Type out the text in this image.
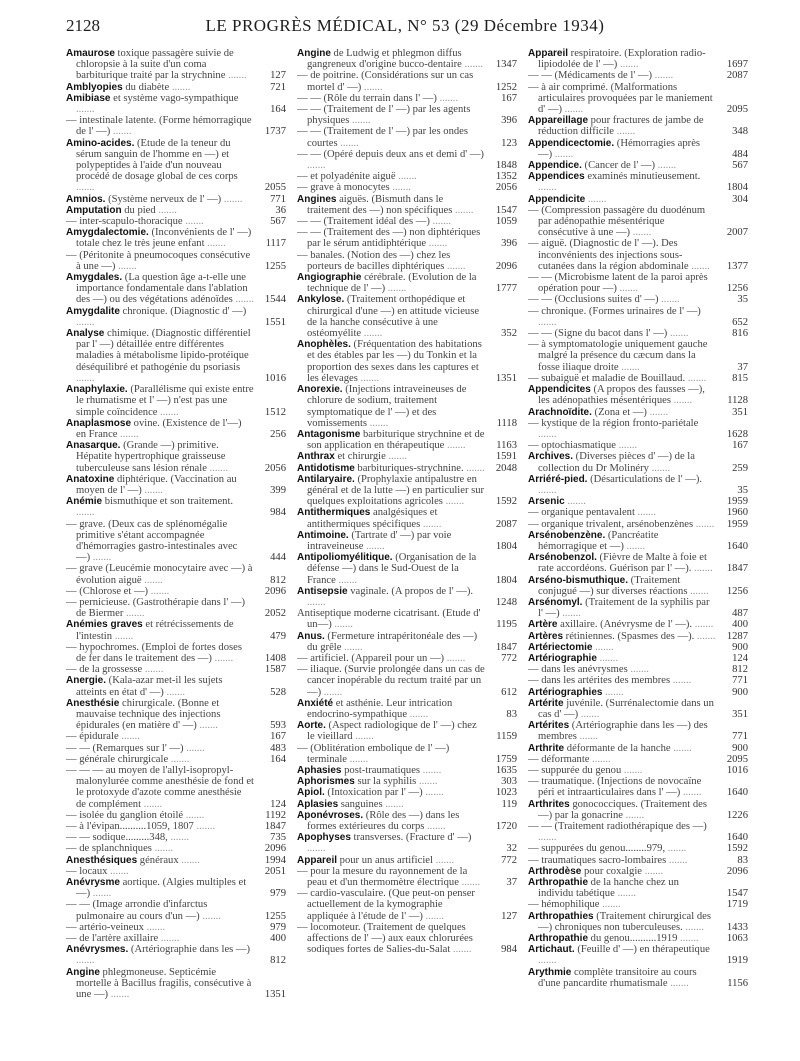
2128	LE PROGRÈS MÉDICAL, N° 53 (29 Décembre 1934)

Amaurose toxique passagère suivie de chloropsie à la suite d'un coma barbiturique traité par la strychnine .......	127

Amblyopies du diabète .......	721

Amibiase et système vago-sympathique .......	164

— intestinale latente. (Forme hémorragique de l' —) .......	1737

Amino-acides. (Etude de la teneur du sérum sanguin de l'homme en —) et polypeptides à l'aide d'un nouveau procédé de dosage global de ces corps .......	2055

Amnios. (Système nerveux de l' —) .......	771

Amputation du pied .......	36

— inter-scapulo-thoracique .......	567

Amygdalectomie. (Inconvénients de l' —) totale chez le très jeune enfant .......	1117

— (Péritonite à pneumocoques consécutive à une —) .......	1255

Amygdales. (La question âge a-t-elle une importance fondamentale dans l'ablation des —) ou des végétations adénoïdes .......	1544

Amygdalite chronique. (Diagnostic d' —) .......	1551

Analyse chimique. (Diagnostic différentiel par l' —) détaillée entre différentes maladies à métabolisme lipido-protéique déséquilibré et pathogénie du psoriasis .......	1016

Anaphylaxie. (Parallélisme qui existe entre le rhumatisme et l' —) n'est pas une simple coïncidence .......	1512

Anaplasmose ovine. (Existence de l'—) en France .......	256

Anasarque. (Grande —) primitive. Hépatite hypertrophique graisseuse tuberculeuse sans lésion rénale .......	2056

Anatoxine diphtérique. (Vaccination au moyen de l' —) .......	399

Anémie bismuthique et son traitement. .......	984

— grave. (Deux cas de splénomégalie primitive s'étant accompagnée d'hémorragies gastro-intestinales avec —) .......	444

— grave (Leucémie monocytaire avec —) à évolution aiguë .......	812

— (Chlorose et —) .......	2096

— pernicieuse. (Gastrothérapie dans l' —) de Biermer .......	2052

Anémies graves et rétrécissements de l'intestin .......	479

— hypochromes. (Emploi de fortes doses de fer dans le traitement des —) .......	1408

— de la grossesse .......	1587

Anergie. (Kala-azar met-il les sujets atteints en état d' —) .......	528

Anesthésie chirurgicale. (Bonne et mauvaise technique des injections épidurales (en matière d' —) .......	593

— épidurale .......	167

— — (Remarques sur l' —) .......	483

— générale chirurgicale .......	164

— — — au moyen de l'allyl-isopropyl-malonylurée comme anesthésie de fond et le protoxyde d'azote comme anesthésie de complément .......	124

— isolée du ganglion étoilé .......	1192

— à l'évipan..........1059, 1807 .......	1847

— — sodique.........348, .......	735

— de splanchniques .......	2096

Anesthésiques généraux .......	1994

— locaux .......	2051

Anévrysme aortique. (Algies multiples et —) .......	979

— — (Image arrondie d'infarctus pulmonaire au cours d'un —) .......	1255

— artério-veineux .......	979

— de l'artère axillaire .......	400

Anévrysmes. (Artériographie dans les —) .......	812

Angine phlegmoneuse. Septicémie mortelle à Bacillus fragilis, consécutive à une —) .......	1351

Angine de Ludwig et phlegmon diffus gangreneux d'origine bucco-dentaire .......	1347

— de poitrine. (Considérations sur un cas mortel d' —) .......	1252

— — (Rôle du terrain dans l' —) .......	167

— — (Traitement de l' —) par les agents physiques .......	396

— — (Traitement de l' —) par les ondes courtes .......	123

— — (Opéré depuis deux ans et demi d' —) .......	1848

— et polyadénite aiguë .......	1352

— grave à monocytes .......	2056

Angines aiguës. (Bismuth dans le traitement des —) non spécifiques .......	1547

— — (Traitement idéal des —) .......	1059

— — (Traitement des —) non diphtériques par le sérum antidiphtérique .......	396

— banales. (Notion des —) chez les porteurs de bacilles diphtériques .......	2096

Angiographie cérébrale. (Evolution de la technique de l' —) .......	1777

Ankylose. (Traitement orthopédique et chirurgical d'une —) en attitude vicieuse de la hanche consécutive à une ostéomyélite .......	352

Anophèles. (Fréquentation des habitations et des étables par les —) du Tonkin et la proportion des sexes dans les captures et les élevages .......	1351

Anorexie. (Injections intraveineuses de chlorure de sodium, traitement symptomatique de l' —) et des vomissements .......	1118

Antagonisme barbiturique strychnine et de son application en thérapeutique .......	1163

Anthrax et chirurgie .......	1591

Antidotisme barbituriques-strychnine. .......	2048

Antilaryaire. (Prophylaxie antipalustre en général et de la lutte —) en particulier sur quelques exploitations agricoles .......	1592

Antithermiques analgésiques et antithermiques spécifiques .......	2087

Antimoine. (Tartrate d' —) par voie intraveineuse .......	1804

Antipoliomyélitique. (Organisation de la défense —) dans le Sud-Ouest de la France .......	1804

Antisepsie vaginale. (A propos de l' —). .......	1248

Antiseptique moderne cicatrisant. (Etude d' un—) .......	1195

Anus. (Fermeture intrapéritonéale des —) du grêle .......	1847

— artificiel. (Appareil pour un —) .......	772

— iliaque. (Survie prolongée dans un cas de cancer inopérable du rectum traité par un —) .......	612

Anxiété et asthénie. Leur intrication endocrino-sympathique .......	83

Aorte. (Aspect radiologique de l' —) chez le vieillard .......	1159

— (Oblitération embolique de l' —) terminale .......	1759

Aphasies post-traumatiques .......	1635

Aphorismes sur la syphilis .......	303

Apiol. (Intoxication par l' —) .......	1023

Aplasies sanguines .......	119

Aponévroses. (Rôle des —) dans les formes extérieures du corps .......	1720

Apophyses transverses. (Fracture d' —) .......	32

Appareil pour un anus artificiel .......	772

— pour la mesure du rayonnement de la peau et d'un thermomètre électrique .......	37

— cardio-vasculaire. (Que peut-on penser actuellement de la kymographie appliquée à l'étude de l' —) .......	127

— locomoteur. (Traitement de quelques affections de l' —) aux eaux chlorurées sodiques fortes de Salies-du-Salat .......	984

Appareil respiratoire. (Exploration radio-lipiodolée de l' —) .......	1697

— — (Médicaments de l' —) .......	2087

— à air comprimé. (Malformations articulaires provoquées par le maniement d' —) .......	2095

Appareillage pour fractures de jambe de réduction difficile .......	348

Appendicectomie. (Hémorragies après —) .......	484

Appendice. (Cancer de l' —) .......	567

Appendices examinés minutieusement. .......	1804

Appendicite .......	304

— (Compression passagère du duodénum par adénopathie mésentérique consécutive à une —) .......	2007

— aiguë. (Diagnostic de l' —). Des inconvénients des injections sous-cutanées dans la région abdominale .......	1377

— — (Microbisme latent de la paroi après opération pour —) .......	1256

— — (Occlusions suites d' —) .......	35

— chronique. (Formes urinaires de l' —) .......	652

— — (Signe du bacot dans l' —) .......	816

— à symptomatologie uniquement gauche malgré la présence du cæcum dans la fosse iliaque droite .......	37

— subaiguë et maladie de Bouillaud. .......	815

Appendicites (A propos des fausses —), les adénopathies mésentériques .......	1128

Arachnoïdite. (Zona et —) .......	351

— kystique de la région fronto-pariétale .......	1628

— optochiasmatique .......	167

Archives. (Diverses pièces d' —) de la collection du Dr Molinéry .......	259

Arriéré-pied. (Désarticulations de l' —). .......	35

Arsenic .......	1959

— organique pentavalent .......	1960

— organique trivalent, arsénobenzènes .......	1959

Arsénobenzène. (Pancréatite hémorragique et —) .......	1640

Arsénobenzol. (Fièvre de Malte à foie et rate accordéons. Guérison par l' —). .......	1847

Arséno-bismuthique. (Traitement conjugué —) sur diverses réactions .......	1256

Arsénomyl. (Traitement de la syphilis par l' —) .......	487

Artère axillaire. (Anévrysme de l' —). .......	400

Artères rétiniennes. (Spasmes des —). .......	1287

Artériectomie .......	900

Artériographie .......	124

— dans les anévrysmes .......	812

— dans les artérites des membres .......	771

Artériographies .......	900

Artérite juvénile. (Surrénalectomie dans un cas d' —) .......	351

Artérites (Artériographie dans les —) des membres .......	771

Arthrite déformante de la hanche .......	900

— déformante .......	2095

— suppurée du genou .......	1016

— traumatique. (Injections de novocaïne péri et intraarticulaires dans l' —) .......	1640

Arthrites gonococciques. (Traitement des —) par la gonacrine .......	1226

— — (Traitement radiothérapique des —) .......	1640

— suppurées du genou........979, .......	1592

— traumatiques sacro-lombaires .......	83

Arthrodèse pour coxalgie .......	2096

Arthropathie de la hanche chez un individu tabétique .......	1547

— hémophilique .......	1719

Arthropathies (Traitement chirurgical des —) chroniques non tuberculeuses. .......	1433

Arthropathie du genou..........1919 .......	1063

Artichaut. (Feuille d' —) en thérapeutique .......	1919

Arythmie complète transitoire au cours d'une pancardite rhumatismale .......	1156
